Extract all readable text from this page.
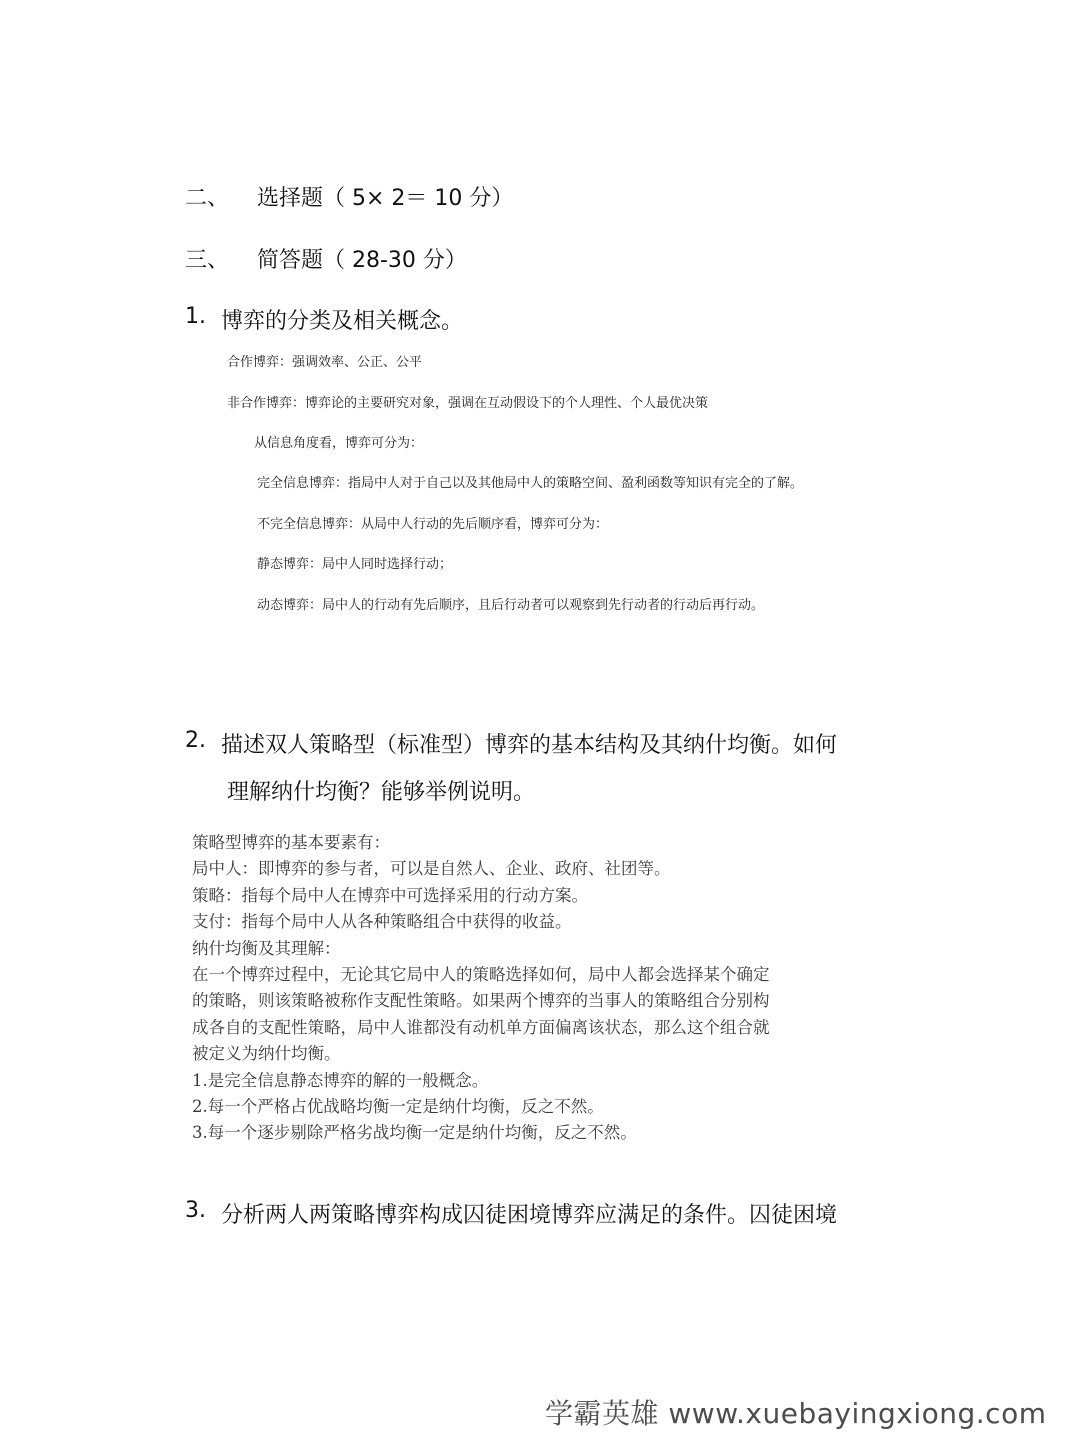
二、 选择题（ 5× 2＝ 10 分）
三、 简答题（ 28-30 分）
1. 博弈的分类及相关概念。
合作博弈：强调效率、公正、公平
非合作博弈：博弈论的主要研究对象，强调在互动假设下的个人理性、个人最优决策
从信息角度看，博弈可分为：
完全信息博弈：指局中人对于自己以及其他局中人的策略空间、盈利函数等知识有完全的了解。
不完全信息博弈：从局中人行动的先后顺序看，博弈可分为：
静态博弈：局中人同时选择行动；
动态博弈：局中人的行动有先后顺序，且后行动者可以观察到先行动者的行动后再行动。
2. 描述双人策略型（标准型）博弈的基本结构及其纳什均衡。如何
理解纳什均衡？能够举例说明。
策略型博弈的基本要素有：
局中人：即博弈的参与者，可以是自然人、企业、政府、社团等。
策略：指每个局中人在博弈中可选择采用的行动方案。
支付：指每个局中人从各种策略组合中获得的收益。
纳什均衡及其理解：
在一个博弈过程中，无论其它局中人的策略选择如何，局中人都会选择某个确定
的策略，则该策略被称作支配性策略。如果两个博弈的当事人的策略组合分别构
成各自的支配性策略，局中人谁都没有动机单方面偏离该状态，那么这个组合就
被定义为纳什均衡。
1.是完全信息静态博弈的解的一般概念。
2.每一个严格占优战略均衡一定是纳什均衡，反之不然。
3.每一个逐步剔除严格劣战均衡一定是纳什均衡，反之不然。
3. 分析两人两策略博弈构成囚徒困境博弈应满足的条件。囚徒困境
学霸英雄 www.xuebayingxiong.com
